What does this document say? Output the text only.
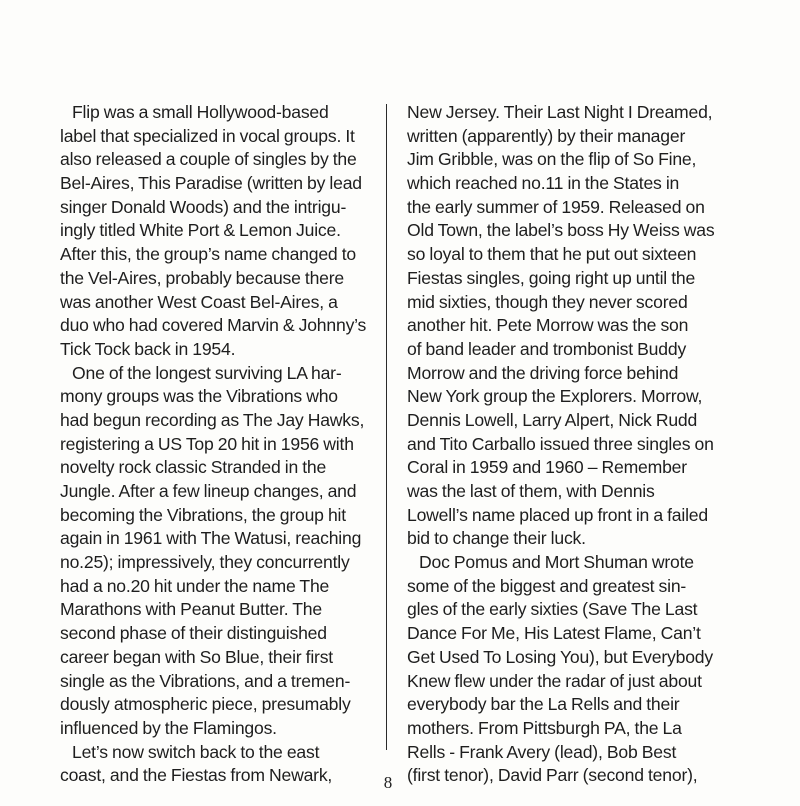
Flip was a small Hollywood-based
label that specialized in vocal groups. It
also released a couple of singles by the
Bel-Aires, This Paradise (written by lead
singer Donald Woods) and the intrigu-
ingly titled White Port & Lemon Juice.
After this, the group’s name changed to
the Vel-Aires, probably because there
was another West Coast Bel-Aires, a
duo who had covered Marvin & Johnny’s
Tick Tock back in 1954.
One of the longest surviving LA har-
mony groups was the Vibrations who
had begun recording as The Jay Hawks,
registering a US Top 20 hit in 1956 with
novelty rock classic Stranded in the
Jungle. After a few lineup changes, and
becoming the Vibrations, the group hit
again in 1961 with The Watusi, reaching
no.25); impressively, they concurrently
had a no.20 hit under the name The
Marathons with Peanut Butter. The
second phase of their distinguished
career began with So Blue, their first
single as the Vibrations, and a tremen-
dously atmospheric piece, presumably
influenced by the Flamingos.
Let’s now switch back to the east
coast, and the Fiestas from Newark,
New Jersey. Their Last Night I Dreamed,
written (apparently) by their manager
Jim Gribble, was on the flip of So Fine,
which reached no.11 in the States in
the early summer of 1959. Released on
Old Town, the label’s boss Hy Weiss was
so loyal to them that he put out sixteen
Fiestas singles, going right up until the
mid sixties, though they never scored
another hit. Pete Morrow was the son
of band leader and trombonist Buddy
Morrow and the driving force behind
New York group the Explorers. Morrow,
Dennis Lowell, Larry Alpert, Nick Rudd
and Tito Carballo issued three singles on
Coral in 1959 and 1960 – Remember
was the last of them, with Dennis
Lowell’s name placed up front in a failed
bid to change their luck.
Doc Pomus and Mort Shuman wrote
some of the biggest and greatest sin-
gles of the early sixties (Save The Last
Dance For Me, His Latest Flame, Can’t
Get Used To Losing You), but Everybody
Knew flew under the radar of just about
everybody bar the La Rells and their
mothers. From Pittsburgh PA, the La
Rells - Frank Avery (lead), Bob Best
(first tenor), David Parr (second tenor),
8
